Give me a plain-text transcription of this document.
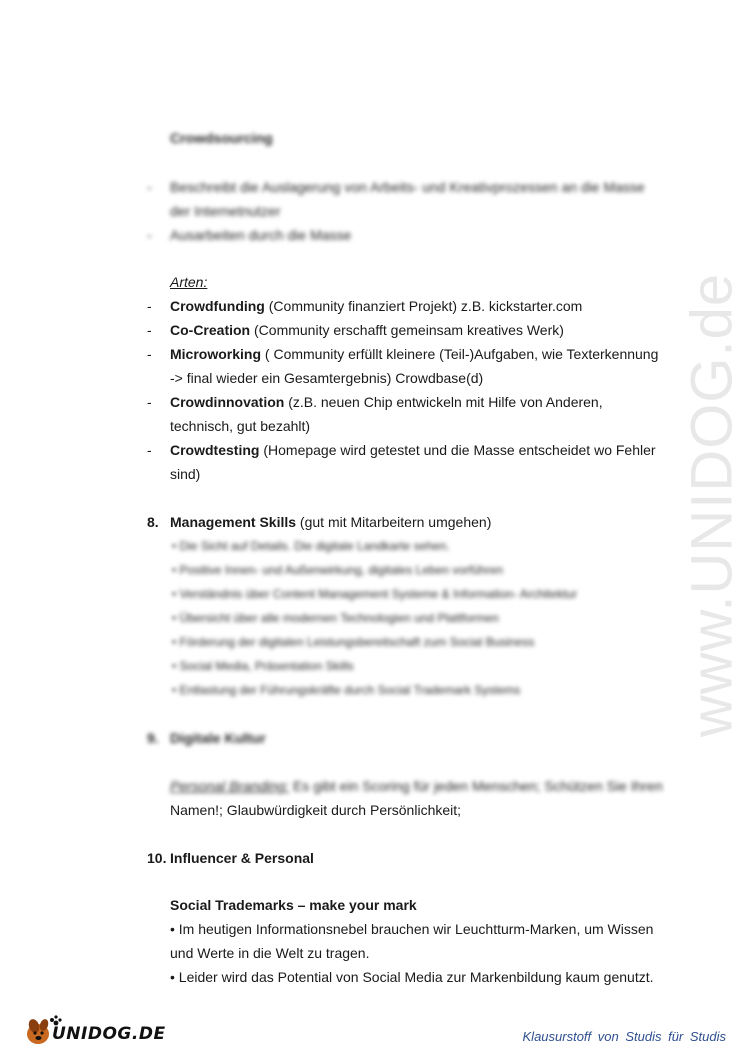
www.UNIDOG.de
Crowdsourcing
- Beschreibt die Auslagerung von Arbeits- und Kreativprozessen an die Masse
der Internetnutzer
- Ausarbeiten durch die Masse
Arten:
- Crowdfunding (Community finanziert Projekt) z.B. kickstarter.com
- Co-Creation (Community erschafft gemeinsam kreatives Werk)
- Microworking ( Community erfüllt kleinere (Teil-)Aufgaben, wie Texterkennung
-> final wieder ein Gesamtergebnis) Crowdbase(d)
- Crowdinnovation (z.B. neuen Chip entwickeln mit Hilfe von Anderen,
technisch, gut bezahlt)
- Crowdtesting (Homepage wird getestet und die Masse entscheidet wo Fehler
sind)
8. Management Skills (gut mit Mitarbeitern umgehen)
• Die Sicht auf Details. Die digitale Landkarte sehen.
• Positive Innen- und Außenwirkung, digitales Leben vorführen
• Verständnis über Content Management Systeme & Information- Architektur
• Übersicht über alle modernen Technologien und Plattformen
• Förderung der digitalen Leistungsbereitschaft zum Social Business
• Social Media, Präsentation Skills
• Entlastung der Führungskräfte durch Social Trademark Systems
9. Digitale Kultur
Personal Branding: Es gibt ein Scoring für jeden Menschen; Schützen Sie Ihren
Namen!; Glaubwürdigkeit durch Persönlichkeit;
10. Influencer & Personal
Social Trademarks – make your mark
• Im heutigen Informationsnebel brauchen wir Leuchtturm-Marken, um Wissen
und Werte in die Welt zu tragen.
• Leider wird das Potential von Social Media zur Markenbildung kaum genutzt.
UNIDOG.DE	Klausurstoff von Studis für Studis
